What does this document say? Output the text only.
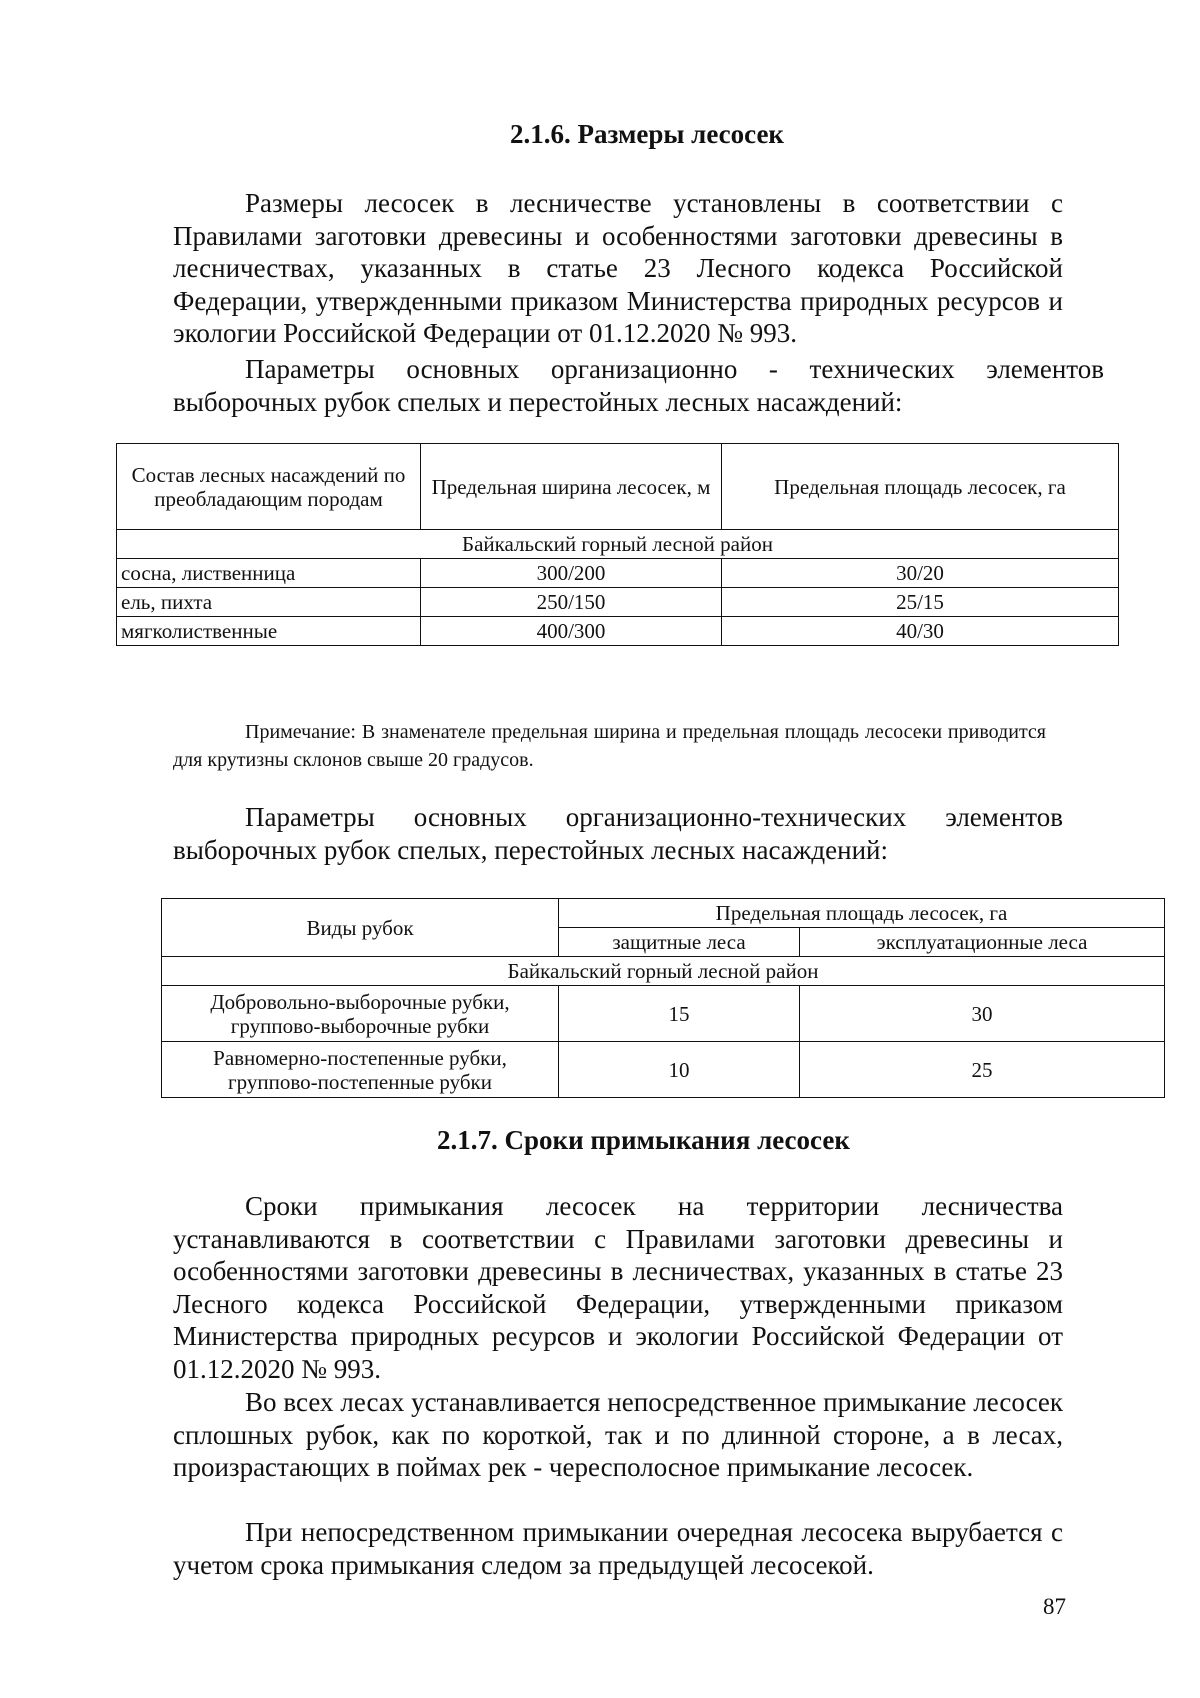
2.1.6. Размеры лесосек

Размеры лесосек в лесничестве установлены в соответствии с Правилами заготовки древесины и особенностями заготовки древесины в лесничествах, указанных в статье 23 Лесного кодекса Российской Федерации, утвержденными приказом Министерства природных ресурсов и экологии Российской Федерации от 01.12.2020 № 993.

Параметры основных организационно - технических элементов выборочных рубок спелых и перестойных лесных насаждений:

Состав лесных насаждений по преобладающим породам	Предельная ширина лесосек, м	Предельная площадь лесосек, га
Байкальский горный лесной район		
сосна, лиственница	300/200	30/20
ель, пихта	250/150	25/15
мягколиственные	400/300	40/30

Примечание: В знаменателе предельная ширина и предельная площадь лесосеки приводится для крутизны склонов свыше 20 градусов.

Параметры основных организационно-технических элементов выборочных рубок спелых, перестойных лесных насаждений:

Виды рубок	Предельная площадь лесосек, га	
	защитные леса	эксплуатационные леса
Байкальский горный лесной район		
Добровольно-выборочные рубки, групповo-выборочные рубки	15	30
Равномерно-постепенные рубки, группово-постепенные рубки	10	25
2.1.7. Сроки примыкания лесосек

Сроки примыкания лесосек на территории лесничества устанавливаются в соответствии с Правилами заготовки древесины и особенностями заготовки древесины в лесничествах, указанных в статье 23 Лесного кодекса Российской Федерации, утвержденными приказом Министерства природных ресурсов и экологии Российской Федерации от 01.12.2020 № 993.

Во всех лесах устанавливается непосредственное примыкание лесосек сплошных рубок, как по короткой, так и по длинной стороне, а в лесах, произрастающих в поймах рек - чересполосное примыкание лесосек.

При непосредственном примыкании очередная лесосека вырубается с учетом срока примыкания следом за предыдущей лесосекой.

87
